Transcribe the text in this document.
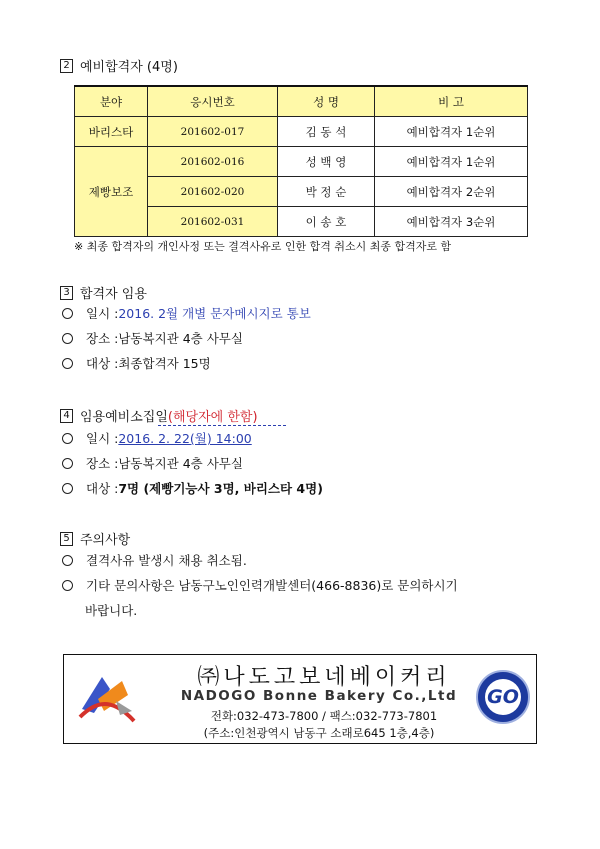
2 예비합격자 (4명)
분야	응시번호	성 명	비 고
바리스타	201602-017	김 동 석	예비합격자 1순위
제빵보조	201602-016	성 백 영	예비합격자 1순위
	201602-020	박 정 순	예비합격자 2순위
	201602-031	이 송 호	예비합격자 3순위
※ 최종 합격자의 개인사정 또는 결격사유로 인한 합격 취소시 최종 합격자로 함
3 합격자 임용
일시 : 2016. 2월 개별 문자메시지로 통보
장소 : 남동복지관 4층 사무실
대상 : 최종합격자 15명
4 임용예비소집일 (해당자에 한함)
일시 : 2016. 2. 22(월) 14:00
장소 : 남동복지관 4층 사무실
대상 : 7명 (제빵기능사 3명, 바리스타 4명)
5 주의사항
결격사유 발생시 채용 취소됨.
기타 문의사항은 남동구노인인력개발센터(466-8836)로 문의하시기
바랍니다.
㈜나도고보네베이커리
NADOGO Bonne Bakery Co.,Ltd
전화:032-473-7800 / 팩스:032-773-7801
(주소:인천광역시 남동구 소래로645 1층,4층)
GO
